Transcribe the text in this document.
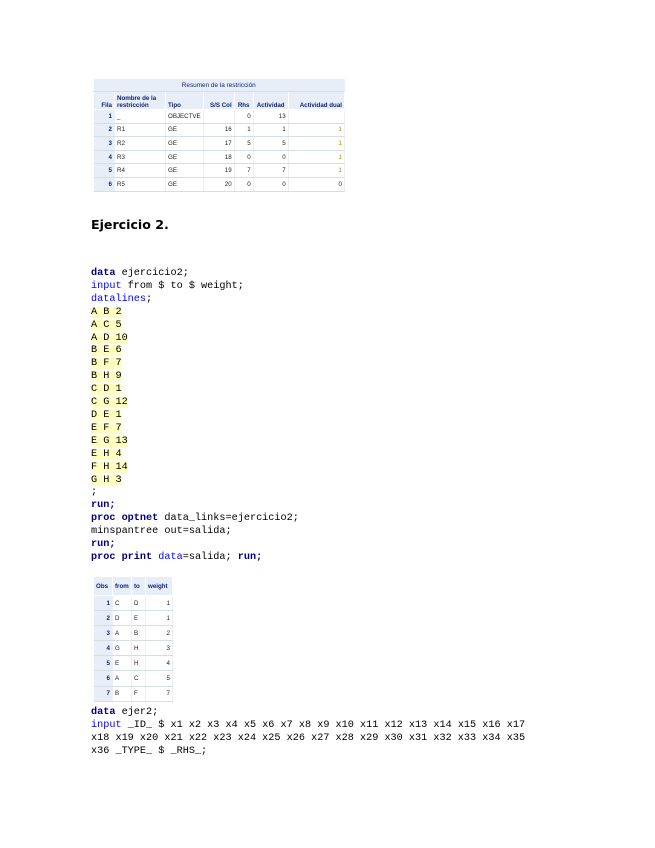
Resumen de la restricción						
Fila	Nombre de la restricción	Tipo	S/S Col	Rhs	Actividad	Actividad dual
1	_	OBJECTVE		0	13	
2	R1	GE	16	1	1	1
3	R2	GE	17	5	5	1
4	R3	GE	18	0	0	1
5	R4	GE	19	7	7	1
6	R5	GE	20	0	0	0
Ejercicio 2.
data ejercicio2;
input from $ to $ weight;
datalines;
A B 2
A C 5
A D 10
B E 6
B F 7
B H 9
C D 1
C G 12
D E 1
E F 7
E G 13
E H 4
F H 14
G H 3
;
run;
proc optnet data_links=ejercicio2;
minspantree out=salida;
run;
proc print data=salida; run;
Obs	from	to	weight
1	C	D	1
2	D	E	1
3	A	B	2
4	G	H	3
5	E	H	4
6	A	C	5
7	B	F	7
data ejer2;
input _ID_ $ x1 x2 x3 x4 x5 x6 x7 x8 x9 x10 x11 x12 x13 x14 x15 x16 x17
x18 x19 x20 x21 x22 x23 x24 x25 x26 x27 x28 x29 x30 x31 x32 x33 x34 x35
x36 _TYPE_ $ _RHS_;
